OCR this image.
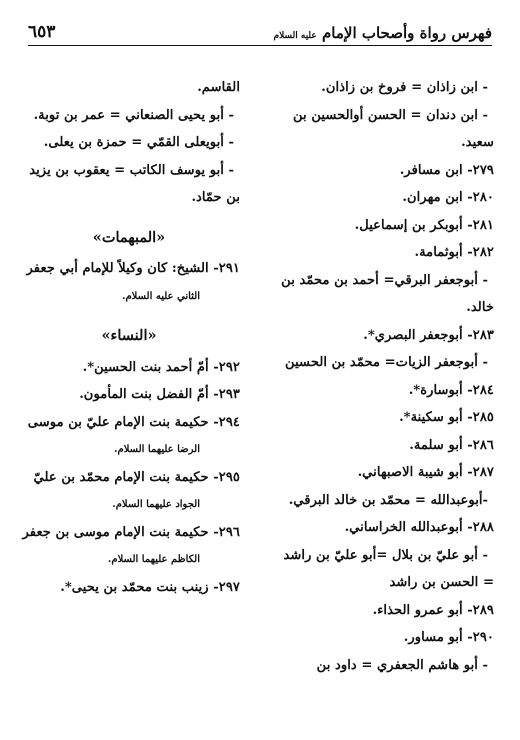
فهرس رواة وأصحاب الإمام عليه السلام
٦٥٣
- ابن زاذان = فروخ بن زاذان.
- ابن دندان = الحسن أوالحسين بن
سعيد.
٢٧٩- ابن مسافر.
٢٨٠- ابن مهران.
٢٨١- أبوبكر بن إسماعيل.
٢٨٢- أبوثمامة.
- أبوجعفر البرقي= أحمد بن محمّد بن
خالد.
٢٨٣- أبوجعفر البصري*.
- أبوجعفر الزيات= محمّد بن الحسين
٢٨٤- أبوسارة*.
٢٨٥- أبو سكينة*.
٢٨٦- أبو سلمة.
٢٨٧- أبو شيبة الاصبهاني.
-أبوعبدالله = محمّد بن خالد البرقي.
٢٨٨- أبوعبدالله الخراساني.
- أبو عليّ بن بلال =أبو عليّ بن راشد
= الحسن بن راشد
٢٨٩- أبو عمرو الحذاء.
٢٩٠- أبو مساور.
- أبو هاشم الجعفري = داود بن
القاسم.
- أبو يحيى الصنعاني = عمر بن توبة.
- أبويعلى القمّي = حمزة بن يعلى.
- أبو يوسف الكاتب = يعقوب بن يزيد
بن حمّاد.
«المبهمات»
٢٩١- الشيخ: كان وكيلاً للإمام أبي جعفر
الثاني عليه السلام.
«النساء»
٢٩٢- أمّ أحمد بنت الحسين*.
٢٩٣- أمّ الفضل بنت المأمون.
٢٩٤- حكيمة بنت الإمام عليّ بن موسى
الرضا عليهما السلام.
٢٩٥- حكيمة بنت الإمام محمّد بن عليّ
الجواد عليهما السلام.
٢٩٦- حكيمة بنت الإمام موسى بن جعفر
الكاظم عليهما السلام.
٢٩٧- زينب بنت محمّد بن يحيى*.
